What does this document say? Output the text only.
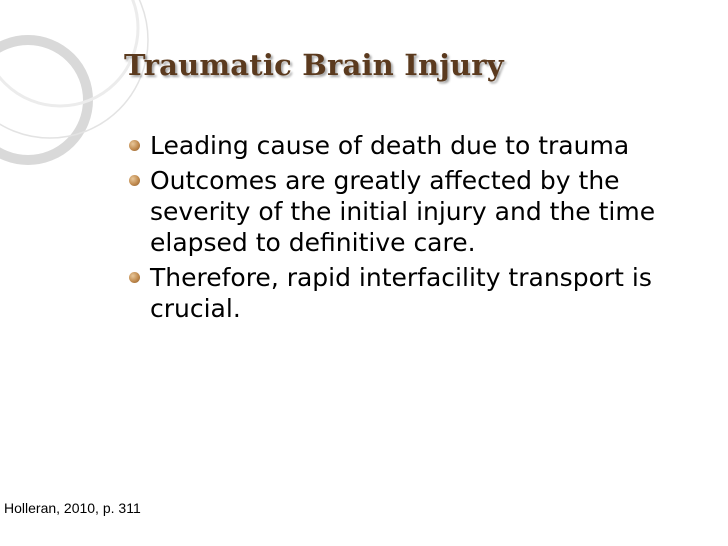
Traumatic Brain Injury
Leading cause of death due to trauma
Outcomes are greatly affected by the severity of the initial injury and the time elapsed to definitive care.
Therefore, rapid interfacility transport is crucial.

Holleran, 2010, p. 311
